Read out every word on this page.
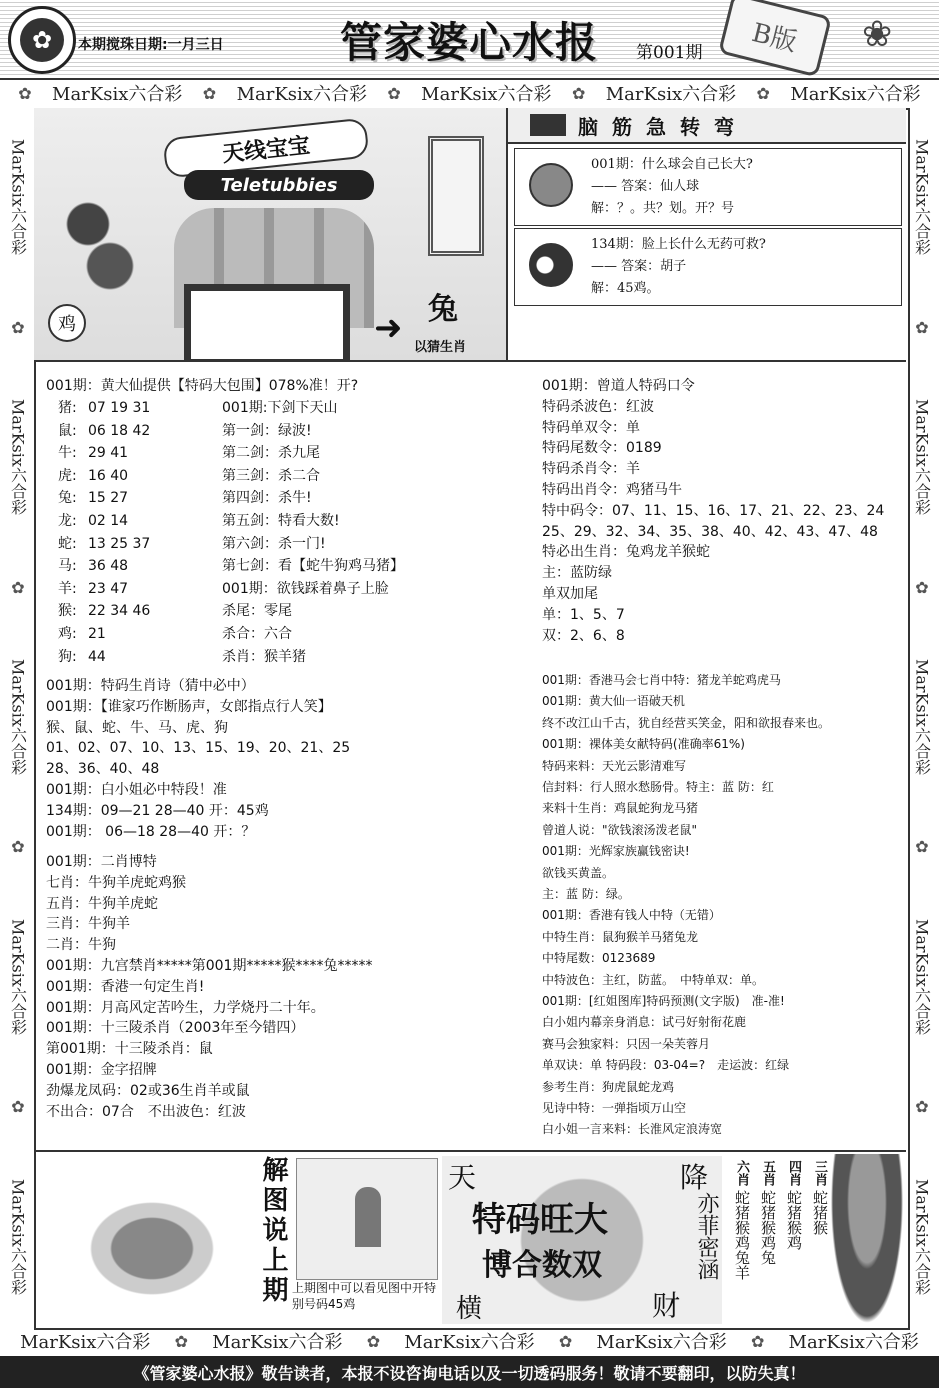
✿	本期搅珠日期:一月三日	管家婆心水报 第001期	B版	❀
✿ MarKsix六合彩 ✿ MarKsix六合彩 ✿ MarKsix六合彩 ✿ MarKsix六合彩 ✿ MarKsix六合彩
MarKsix六合彩
✿
MarKsix六合彩
✿
MarKsix六合彩
✿
MarKsix六合彩
✿
MarKsix六合彩
MarKsix六合彩
✿
MarKsix六合彩
✿
MarKsix六合彩
✿
MarKsix六合彩
✿
MarKsix六合彩
天线宝宝
Teletubbies
鸡	➜ 兔
以猜生肖
脑筋急转弯
001期：什么球会自己长大?
—— 答案：仙人球
解：？。共？划。开？号
134期：脸上长什么无药可救?
—— 答案：胡子
解：45鸡。
001期：黄大仙提供【特码大包围】078%准！开?
猪: 07 19 31
鼠: 06 18 42
牛: 29 41
虎: 16 40
兔: 15 27
龙: 02 14
蛇: 13 25 37
马: 36 48
羊: 23 47
猴: 22 34 46
鸡: 21
狗: 44
001期:下剑下天山
第一剑：绿波!
第二剑：杀九尾
第三剑：杀二合
第四剑：杀牛!
第五剑：特看大数!
第六剑：杀一门!
第七剑：看【蛇牛狗鸡马猪】
001期：欲钱踩着鼻子上脸
杀尾：零尾
杀合：六合
杀肖：猴羊猪
001期：特码生肖诗（猜中必中）
001期：【谁家巧作断肠声，女郎指点行人笑】
猴、鼠、蛇、牛、马、虎、狗
01、02、07、10、13、15、19、20、21、25
28、36、40、48
001期：白小姐必中特段！准
134期：09—21 28—40 开：45鸡
001期： 06—18 28—40 开：？
001期：二肖博特
七肖：牛狗羊虎蛇鸡猴
五肖：牛狗羊虎蛇
三肖：牛狗羊
二肖：牛狗
001期：九宫禁肖*****第001期*****猴****兔*****
001期：香港一句定生肖!
001期：月高风定苦吟生，力学烧丹二十年。
001期：十三陵杀肖（2003年至今错四）
第001期：十三陵杀肖：鼠
001期：金字招牌
劲爆龙凤码：02或36生肖羊或鼠
不出合：07合　不出波色：红波
001期：曾道人特码口令
特码杀波色：红波
特码单双令：单
特码尾数令：0189
特码杀肖令：羊
特码出肖令：鸡猪马牛
特中码令：07、11、15、16、17、21、22、23、24
25、29、32、34、35、38、40、42、43、47、48
特必出生肖：兔鸡龙羊猴蛇
主：蓝防绿
单双加尾
单：1、5、7
双：2、6、8
001期：香港马会七肖中特：猪龙羊蛇鸡虎马
001期：黄大仙一语破天机
终不改江山千古，犹自经营买笑金，阳和欲报春来也。
001期：裸体美女献特码(准确率61%)
特码来料：天光云影清难写
信封料：行人照水愁肠骨。特主：蓝 防：红
来料十生肖：鸡鼠蛇狗龙马猪
曾道人说："欲钱滚汤泼老鼠"
001期：光辉家族赢钱密诀!
欲钱买黄盖。
主：蓝 防：绿。
001期：香港有钱人中特（无错）
中特生肖：鼠狗猴羊马猪兔龙
中特尾数：0123689
中特波色：主红，防蓝。　中特单双：单。
001期：[红姐图库]特码预测(文字版)　准-准!
白小姐内幕亲身消息：试弓好射衔花鹿
赛马会独家料：只因一朵芙蓉月
单双诀：单 特码段：03-04=?　走运波：红绿
参考生肖：狗虎鼠蛇龙鸡
见诗中特：一弹指顷万山空
白小姐一言来料：长淮风定浪涛宽
解图说上期 上期图中可以看见图中开特别号码45鸡
天	降
特码旺大
博合数双	亦菲密涵
横	财
三肖
蛇猪猴
四肖
蛇猪猴鸡
五肖
蛇猪猴鸡兔
六肖
蛇猪猴鸡兔羊
MarKsix六合彩 ✿ MarKsix六合彩 ✿ MarKsix六合彩 ✿ MarKsix六合彩 ✿ MarKsix六合彩
《管家婆心水报》敬告读者，本报不设咨询电话以及一切透码服务！敬请不要翻印，以防失真！
